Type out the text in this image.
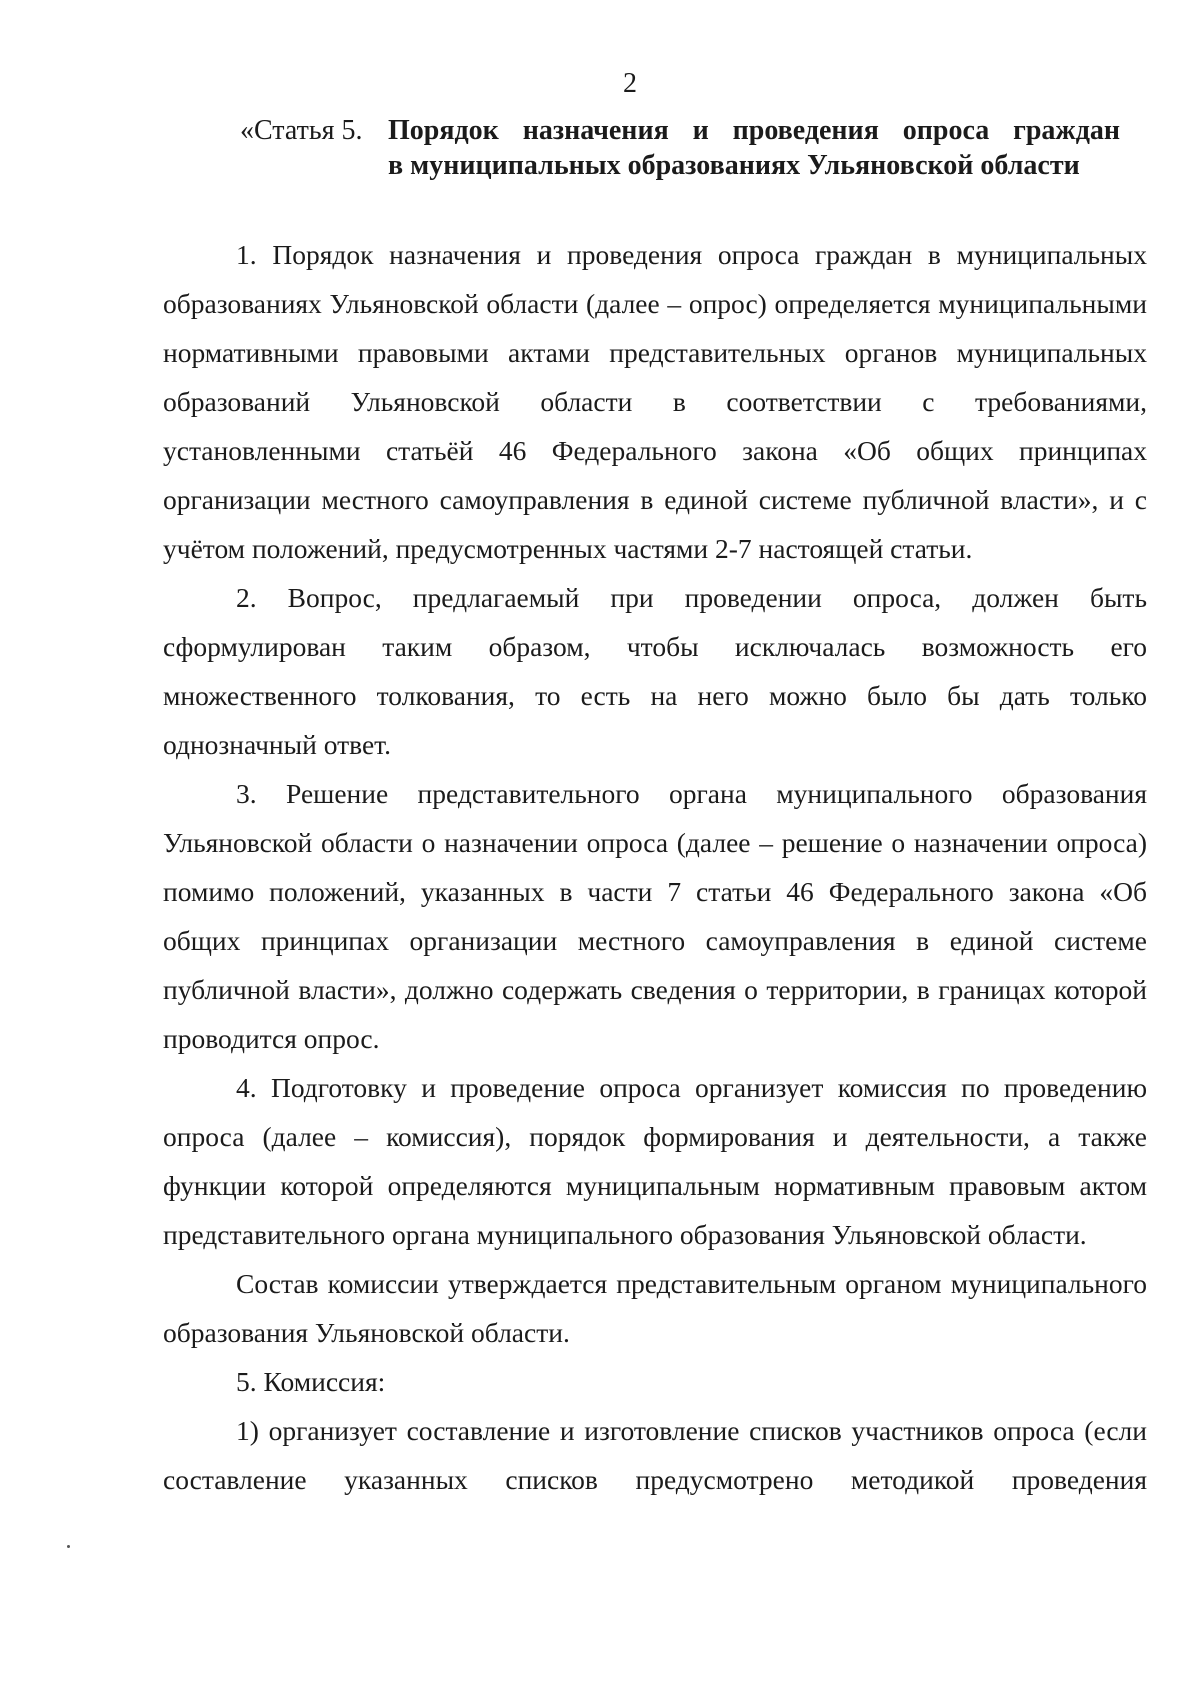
2
«Статья 5. Порядок назначения и проведения опроса граждан
в муниципальных образованиях Ульяновской области

1. Порядок назначения и проведения опроса граждан в муниципальных образованиях Ульяновской области (далее – опрос) определяется муниципальными нормативными правовыми актами представительных органов муниципальных образований Ульяновской области в соответствии с требованиями, установленными статьёй 46 Федерального закона «Об общих принципах организации местного самоуправления в единой системе публичной власти», и с учётом положений, предусмотренных частями 2-7 настоящей статьи.

2. Вопрос, предлагаемый при проведении опроса, должен быть сформулирован таким образом, чтобы исключалась возможность его множественного толкования, то есть на него можно было бы дать только однозначный ответ.

3. Решение представительного органа муниципального образования Ульяновской области о назначении опроса (далее – решение о назначении опроса) помимо положений, указанных в части 7 статьи 46 Федерального закона «Об общих принципах организации местного самоуправления в единой системе публичной власти», должно содержать сведения о территории, в границах которой проводится опрос.

4. Подготовку и проведение опроса организует комиссия по проведению опроса (далее – комиссия), порядок формирования и деятельности, а также функции которой определяются муниципальным нормативным правовым актом представительного органа муниципального образования Ульяновской области.

Состав комиссии утверждается представительным органом муниципального образования Ульяновской области.

5. Комиссия:

1) организует составление и изготовление списков участников опроса (если составление указанных списков предусмотрено методикой проведения
